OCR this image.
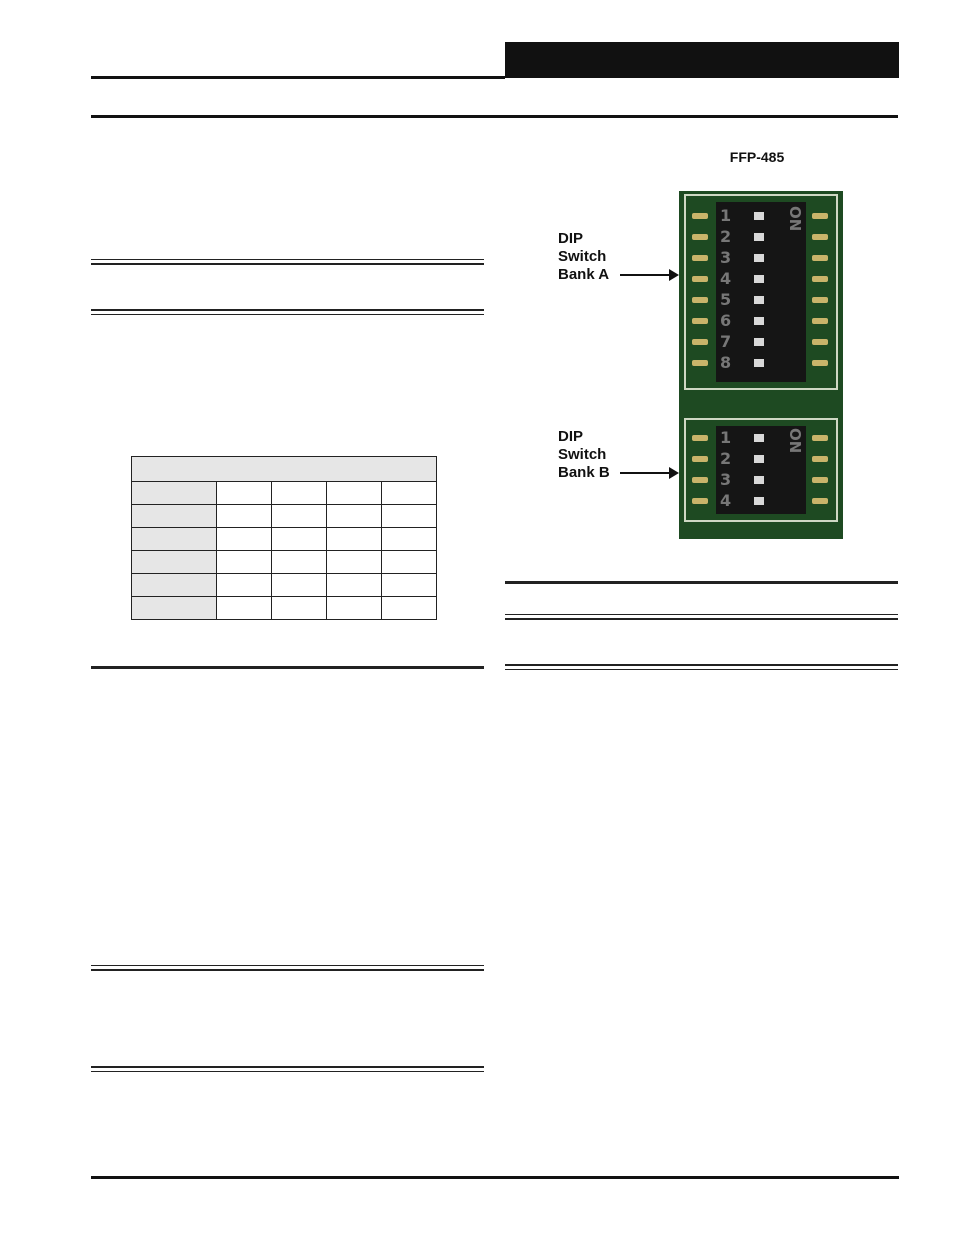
FFP-485
DIP
Switch
Bank A
DIP
Switch
Bank B
1
2
3
4
5
6
7
8
ON
1
2
3
4
ON
